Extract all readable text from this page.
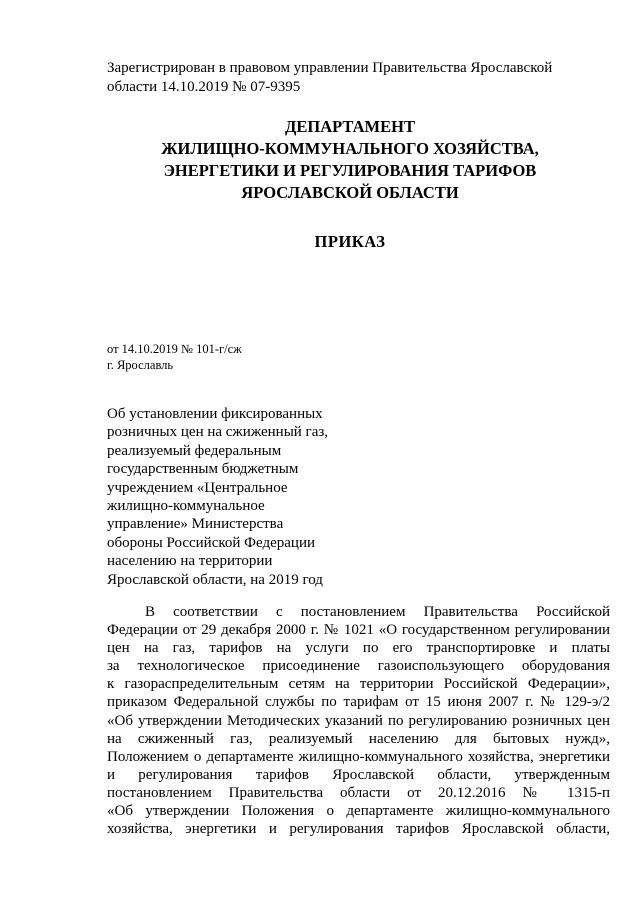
Зарегистрирован в правовом управлении Правительства Ярославской
области 14.10.2019 № 07-9395
ДЕПАРТАМЕНТ
ЖИЛИЩНО-КОММУНАЛЬНОГО ХОЗЯЙСТВА,
ЭНЕРГЕТИКИ И РЕГУЛИРОВАНИЯ ТАРИФОВ
ЯРОСЛАВСКОЙ ОБЛАСТИ
ПРИКАЗ
от 14.10.2019 № 101-г/сж
г. Ярославль
Об установлении фиксированных
розничных цен на сжиженный газ,
реализуемый федеральным
государственным бюджетным
учреждением «Центральное
жилищно-коммунальное
управление» Министерства
обороны Российской Федерации
населению на территории
Ярославской области, на 2019 год
В соответствии с постановлением Правительства Российской
Федерации от 29 декабря 2000 г. № 1021 «О государственном регулировании
цен на газ, тарифов на услуги по его транспортировке и платы
за технологическое присоединение газоиспользующего оборудования
к газораспределительным сетям на территории Российской Федерации»,
приказом Федеральной службы по тарифам от 15 июня 2007 г. № 129-э/2
«Об утверждении Методических указаний по регулированию розничных цен
на сжиженный газ, реализуемый населению для бытовых нужд»,
Положением о департаменте жилищно-коммунального хозяйства, энергетики
и регулирования тарифов Ярославской области, утвержденным
постановлением Правительства области от 20.12.2016 № 1315-п
«Об утверждении Положения о департаменте жилищно-коммунального
хозяйства, энергетики и регулирования тарифов Ярославской области,
